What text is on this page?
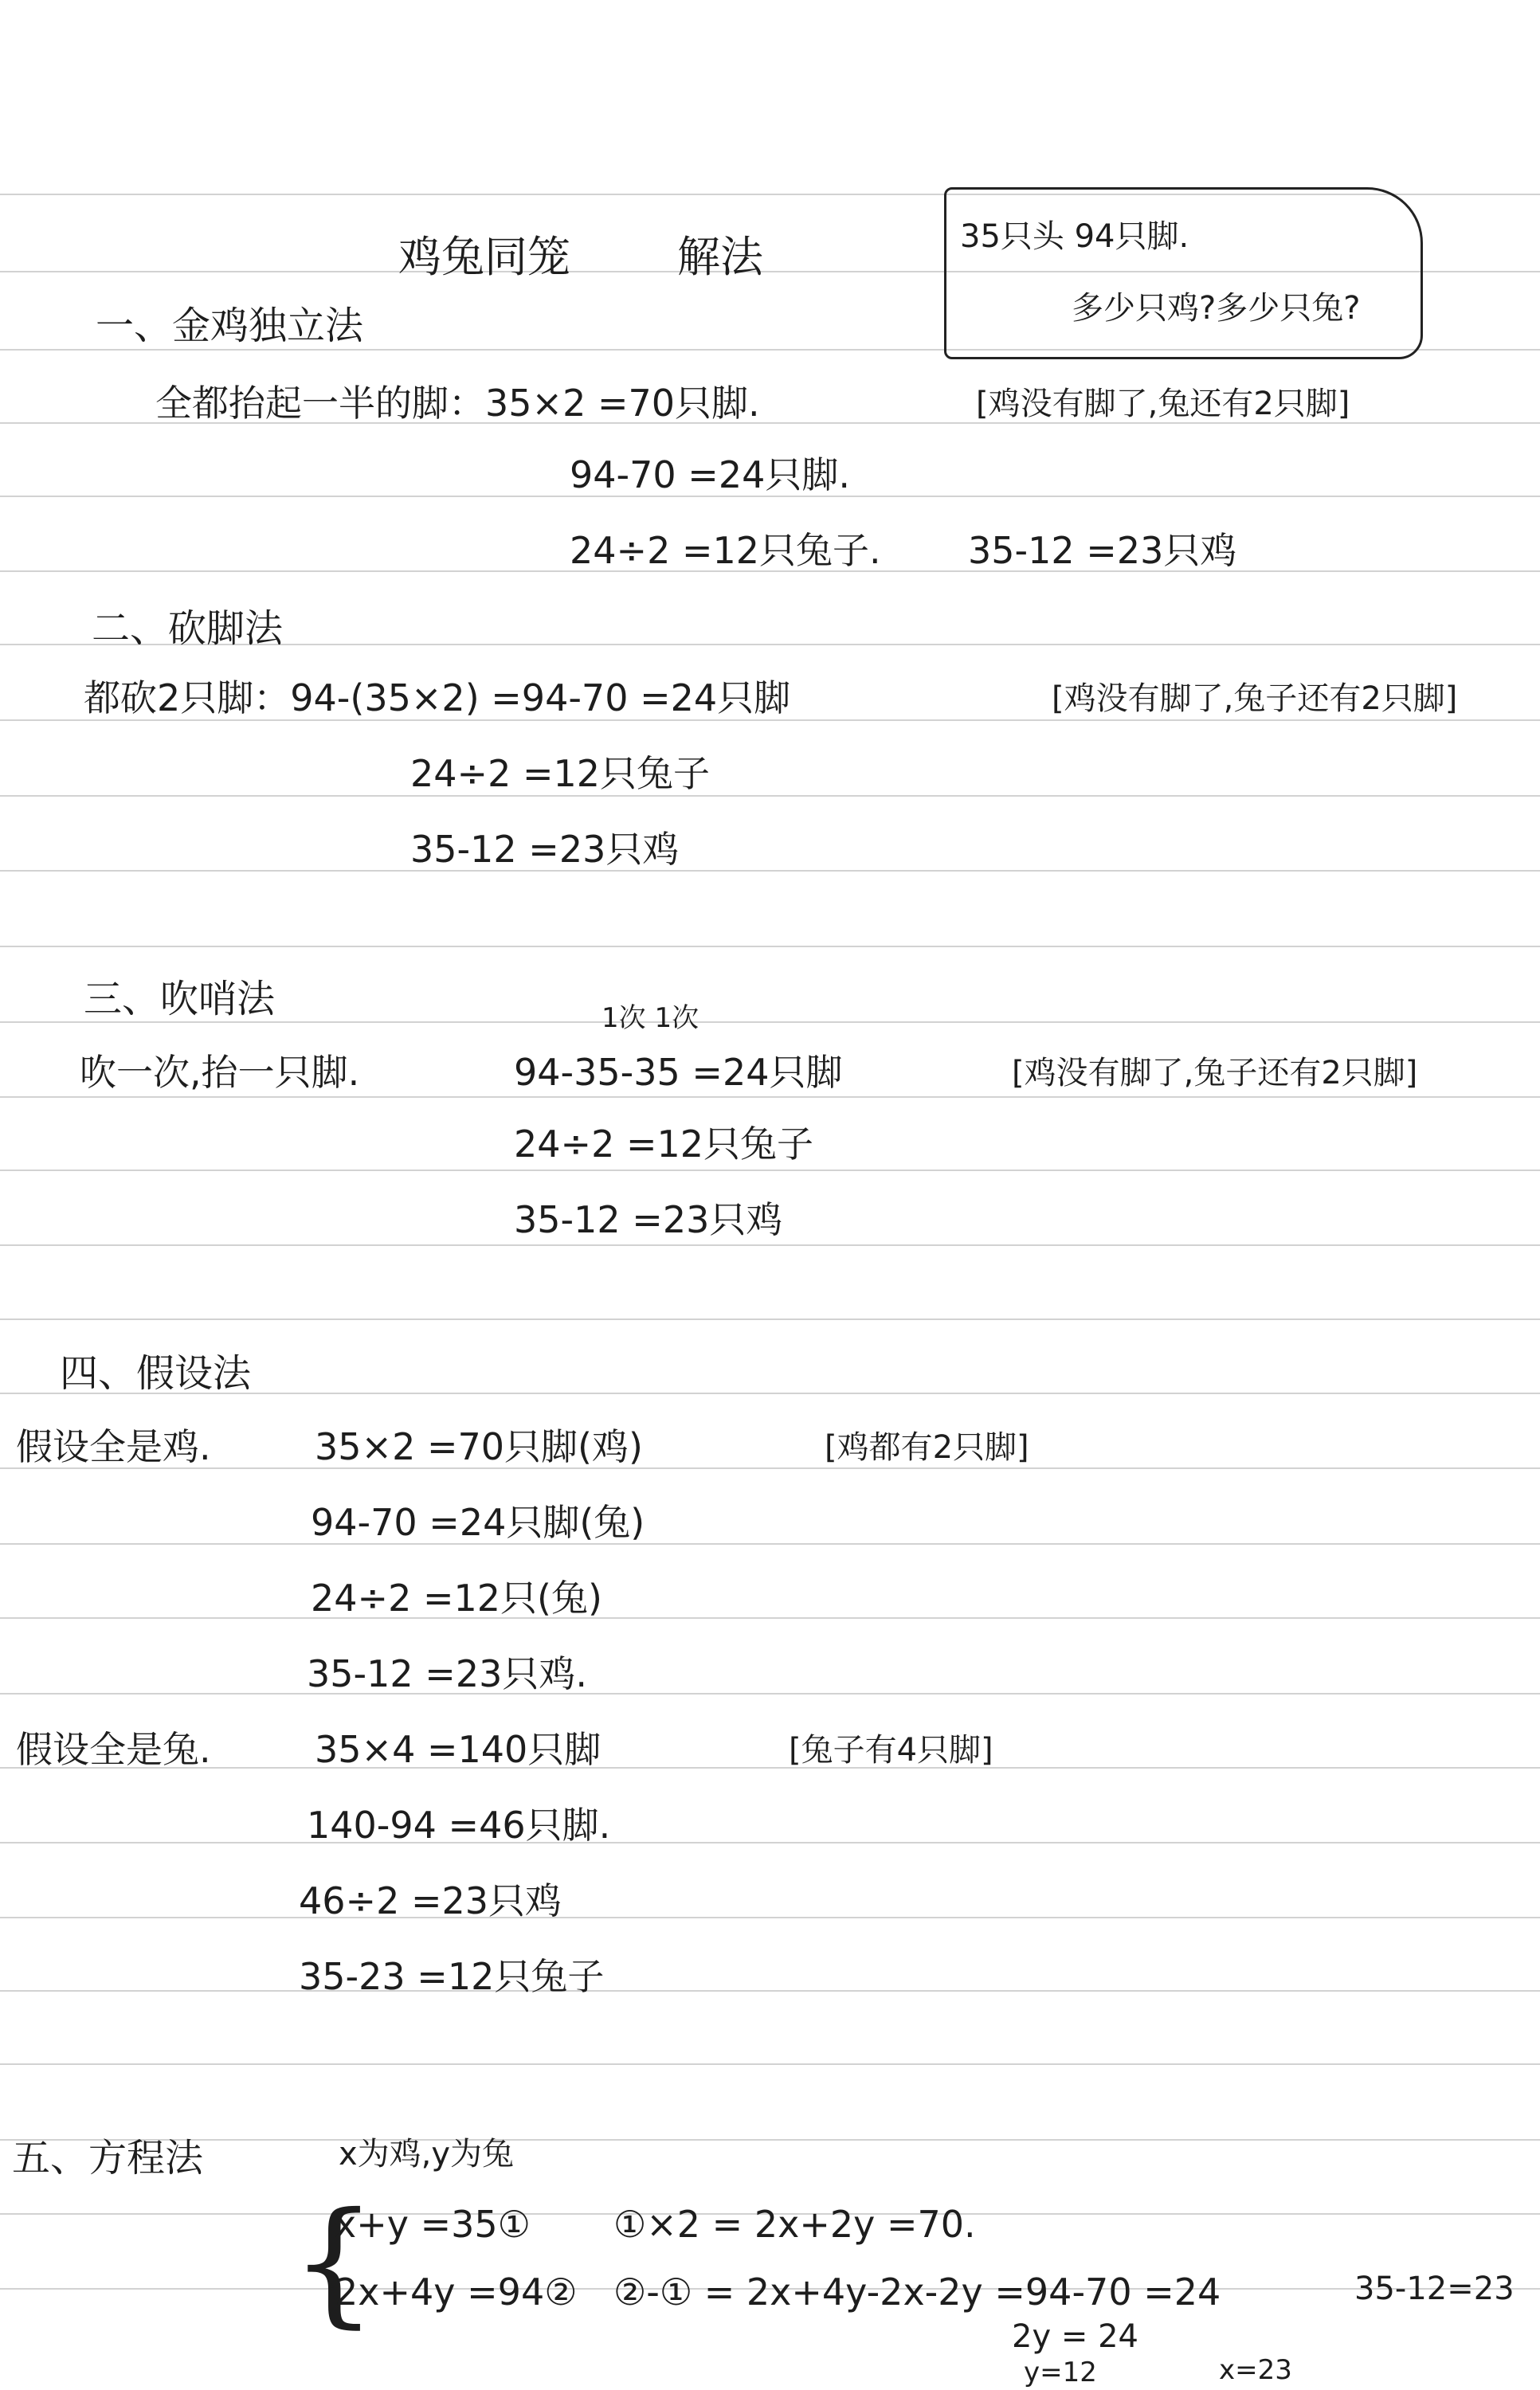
鸡兔同笼 解法	35只头 94只脚.
多少只鸡?多少只兔?
一、金鸡独立法
全都抬起一半的脚：35×2 =70只脚.	[鸡没有脚了,兔还有2只脚]
94-70 =24只脚.
24÷2 =12只兔子. 35-12 =23只鸡
二、砍脚法
都砍2只脚：94-(35×2) =94-70 =24只脚	[鸡没有脚了,兔子还有2只脚]
24÷2 =12只兔子
35-12 =23只鸡
三、吹哨法	1次 1次
吹一次,抬一只脚.	94-35-35 =24只脚	[鸡没有脚了,兔子还有2只脚]
24÷2 =12只兔子
35-12 =23只鸡
四、假设法
假设全是鸡.	35×2 =70只脚(鸡)	[鸡都有2只脚]
94-70 =24只脚(兔)
24÷2 =12只(兔)
35-12 =23只鸡.
假设全是兔.	35×4 =140只脚	[兔子有4只脚]
140-94 =46只脚.
46÷2 =23只鸡
35-23 =12只兔子
五、方程法	x为鸡,y为兔
{
x+y =35①
2x+4y =94②
①×2 = 2x+2y =70.
②-① = 2x+4y-2x-2y =94-70 =24	35-12=23
2y = 24
y=12	x=23
